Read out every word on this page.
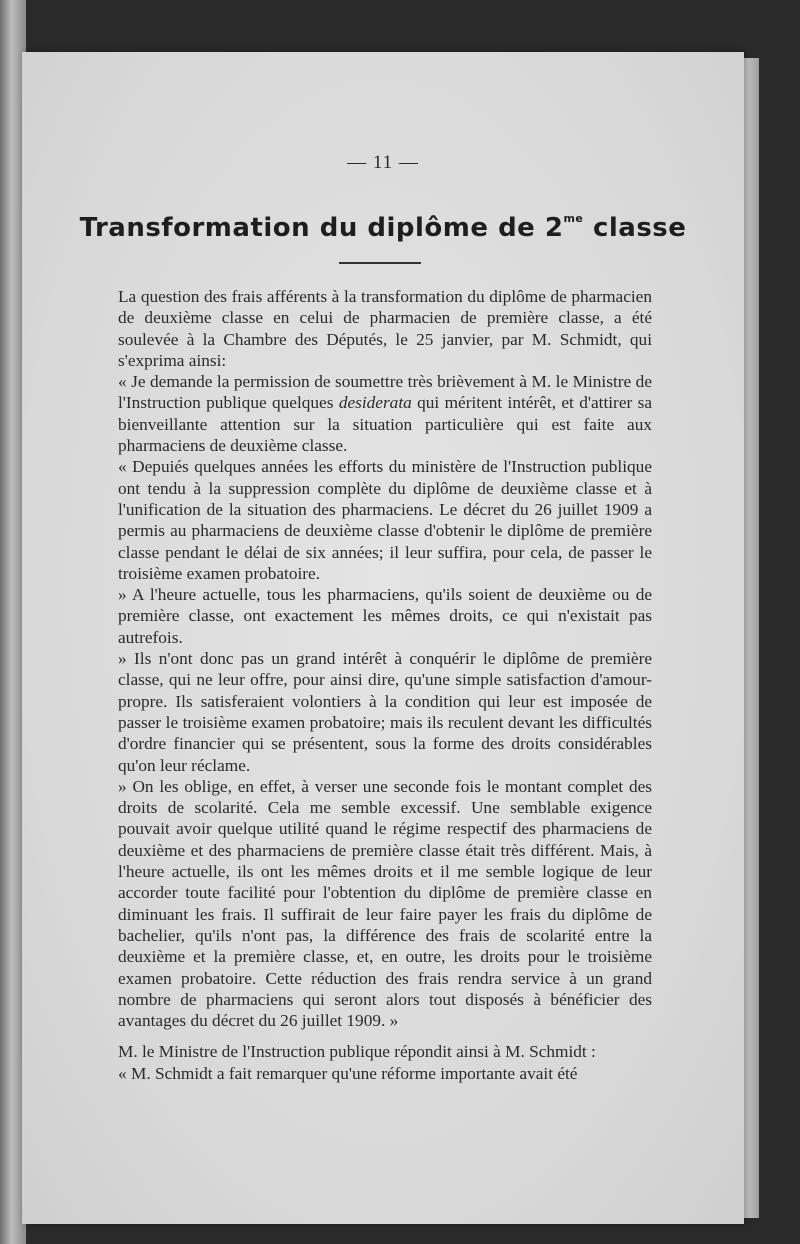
— 11 —
Transformation du diplôme de $2^{me}$ classe

La question des frais afférents à la transformation du diplôme de pharmacien de deuxième classe en celui de pharmacien de première classe, a été soulevée à la Chambre des Députés, le 25 janvier, par M. Schmidt, qui s'exprima ainsi:

« Je demande la permission de soumettre très brièvement à M. le Ministre de l'Instruction publique quelques desiderata qui méritent intérêt, et d'attirer sa bienveillante attention sur la situation particulière qui est faite aux pharmaciens de deuxième classe.

« Depuiés quelques années les efforts du ministère de l'Instruction publique ont tendu à la suppression complète du diplôme de deuxième classe et à l'unification de la situation des pharmaciens. Le décret du 26 juillet 1909 a permis au pharmaciens de deuxième classe d'obtenir le diplôme de première classe pendant le délai de six années; il leur suffira, pour cela, de passer le troisième examen probatoire.

» A l'heure actuelle, tous les pharmaciens, qu'ils soient de deuxième ou de première classe, ont exactement les mêmes droits, ce qui n'existait pas autrefois.

» Ils n'ont donc pas un grand intérêt à conquérir le diplôme de première classe, qui ne leur offre, pour ainsi dire, qu'une simple satisfaction d'amour-propre. Ils satisferaient volontiers à la condition qui leur est imposée de passer le troisième examen probatoire; mais ils reculent devant les difficultés d'ordre financier qui se présentent, sous la forme des droits considérables qu'on leur réclame.

» On les oblige, en effet, à verser une seconde fois le montant complet des droits de scolarité. Cela me semble excessif. Une semblable exigence pouvait avoir quelque utilité quand le régime respectif des pharmaciens de deuxième et des pharmaciens de première classe était très différent. Mais, à l'heure actuelle, ils ont les mêmes droits et il me semble logique de leur accorder toute facilité pour l'obtention du diplôme de première classe en diminuant les frais. Il suffirait de leur faire payer les frais du diplôme de bachelier, qu'ils n'ont pas, la différence des frais de scolarité entre la deuxième et la première classe, et, en outre, les droits pour le troisième examen probatoire. Cette réduction des frais rendra service à un grand nombre de pharmaciens qui seront alors tout disposés à bénéficier des avantages du décret du 26 juillet 1909. »

M. le Ministre de l'Instruction publique répondit ainsi à M. Schmidt :

« M. Schmidt a fait remarquer qu'une réforme importante avait été
